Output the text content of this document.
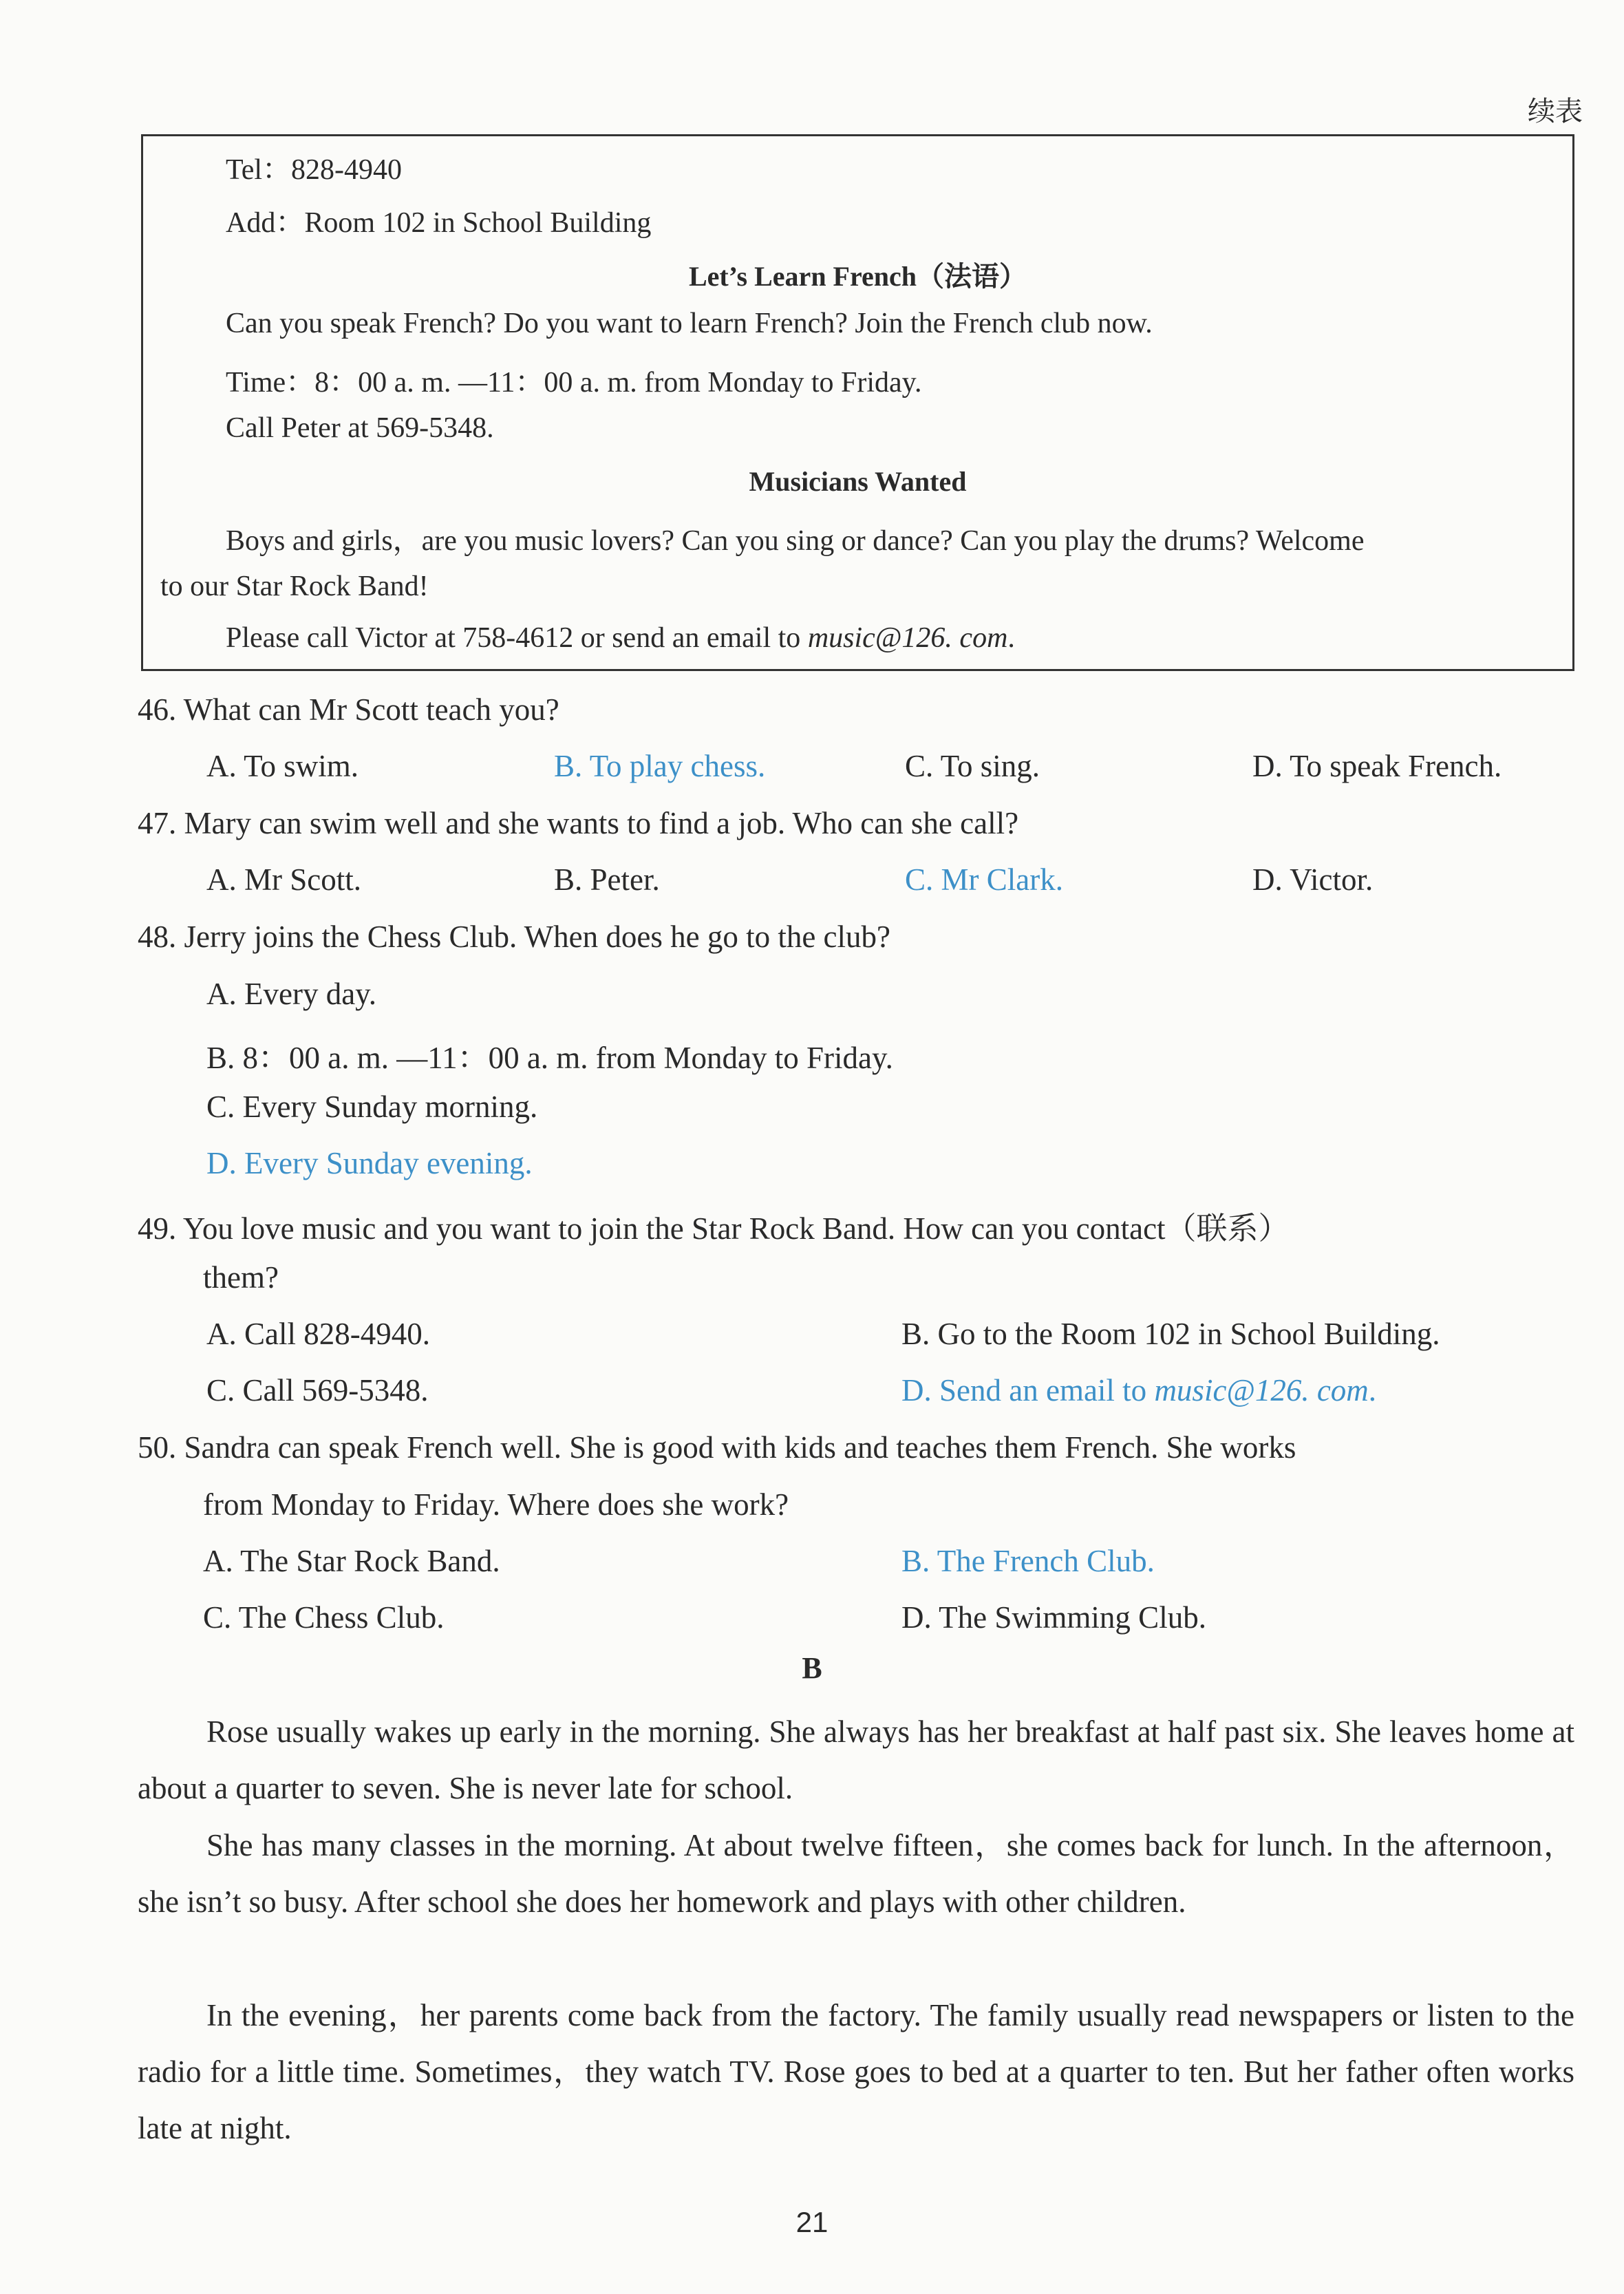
续表
Tel：828-4940
Add：Room 102 in School Building
Let’s Learn French（法语）
Can you speak French? Do you want to learn French? Join the French club now.
Time：8：00 a. m. —11：00 a. m. from Monday to Friday.
Call Peter at 569-5348.
Musicians Wanted
Boys and girls，are you music lovers? Can you sing or dance? Can you play the drums? Welcome
to our Star Rock Band!
Please call Victor at 758-4612 or send an email to music@126. com.
46. What can Mr Scott teach you?
A. To swim.	B. To play chess.	C. To sing.	D. To speak French.
47. Mary can swim well and she wants to find a job. Who can she call?
A. Mr Scott.	B. Peter.	C. Mr Clark.	D. Victor.
48. Jerry joins the Chess Club. When does he go to the club?
A. Every day.
B. 8：00 a. m. —11：00 a. m. from Monday to Friday.
C. Every Sunday morning.
D. Every Sunday evening.
49. You love music and you want to join the Star Rock Band. How can you contact（联系）
them?
A. Call 828-4940.	B. Go to the Room 102 in School Building.
C. Call 569-5348.	D. Send an email to music@126. com.
50. Sandra can speak French well. She is good with kids and teaches them French. She works
from Monday to Friday. Where does she work?
A. The Star Rock Band.	B. The French Club.
C. The Chess Club.	D. The Swimming Club.
B
Rose usually wakes up early in the morning. She always has her breakfast at half past six. She leaves home at about a quarter to seven. She is never late for school.
She has many classes in the morning. At about twelve fifteen，she comes back for lunch. In the afternoon，she isn’t so busy. After school she does her homework and plays with other children.
In the evening，her parents come back from the factory. The family usually read newspapers or listen to the radio for a little time. Sometimes，they watch TV. Rose goes to bed at a quarter to ten. But her father often works late at night.
21
